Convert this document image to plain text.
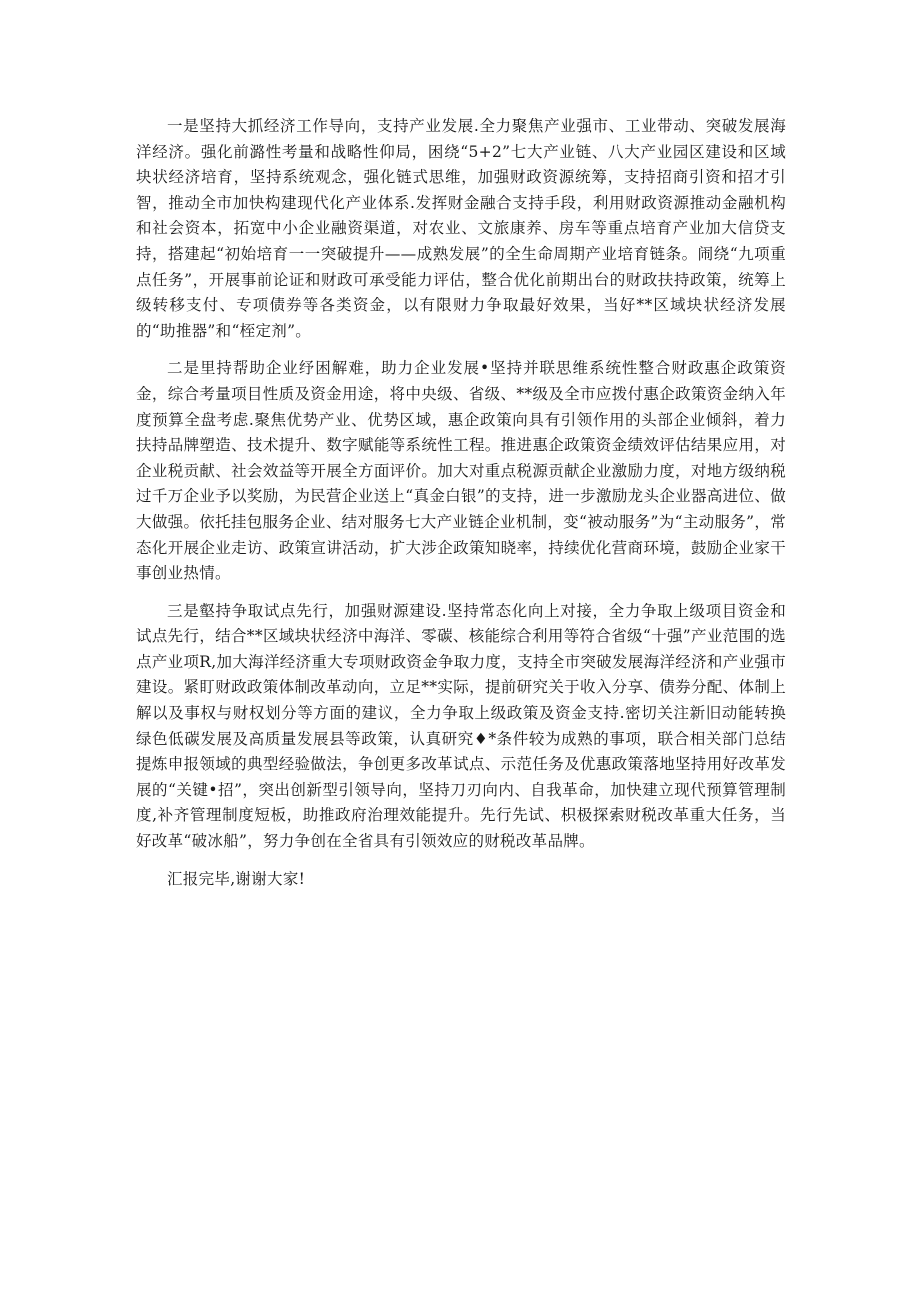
一是坚持大抓经济工作导向，支持产业发展.全力聚焦产业强市、工业带动、突破发展海洋经济。强化前潞性考量和战略性仰局，困绕“5+2”七大产业链、八大产业园区建设和区域块状经济培育，坚持系统观念，强化链式思维，加强财政资源统筹，支持招商引资和招才引智，推动全市加快构建现代化产业体系.发挥财金融合支持手段，利用财政资源推动金融机构和社会资本，拓宽中小企业融资渠道，对农业、文旅康养、房车等重点培育产业加大信贷支持，搭建起“初始培育一一突破提升——成熟发展”的全生命周期产业培育链条。闹绕“九项重点任务”，开展事前论证和财政可承受能力评估，整合优化前期出台的财政扶持政策，统筹上级转移支付、专项债券等各类资金，以有限财力争取最好效果，当好**区域块状经济发展的“助推器”和“桎定剂”。

二是里持帮助企业纾困解难，助力企业发展•坚持并联思维系统性整合财政惠企政策资金，综合考量项目性质及资金用途，将中央级、省级、**级及全市应拨付惠企政策资金纳入年度预算全盘考虑.聚焦优势产业、优势区域，惠企政策向具有引领作用的头部企业倾斜，着力扶持品牌塑造、技术提升、数字赋能等系统性工程。推进惠企政策资金绩效评估结果应用，对企业税贡献、社会效益等开展全方面评价。加大对重点税源贡献企业激励力度，对地方级纳税过千万企业予以奖励，为民营企业送上“真金白银”的支持，进一步激励龙头企业器高进位、做大做强。依托挂包服务企业、结对服务七大产业链企业机制，变“被动服务”为“主动服务”，常态化开展企业走访、政策宣讲活动，扩大涉企政策知晓率，持续优化营商环境，鼓励企业家干事创业热情。

三是壑持争取试点先行，加强财源建设.坚持常态化向上对接，全力争取上级项目资金和试点先行，结合**区域块状经济中海洋、零碳、核能综合利用等符合省级“十强”产业范围的选点产业项R,加大海洋经济重大专项财政资金争取力度，支持全市突破发展海洋经济和产业强市建设。紧盯财政政策体制改革动向，立足**实际，提前研究关于收入分享、债券分配、体制上解以及事权与财权划分等方面的建议，全力争取上级政策及资金支持.密切关注新旧动能转换绿色低碳发展及高质量发展县等政策，认真研究♦*条件较为成熟的事项，联合相关部门总结提炼申报领域的典型经验做法，争创更多改革试点、示范任务及优惠政策落地坚持用好改革发展的“关键•招”，突出创新型引领导向，坚持刀刃向内、自我革命，加快建立现代预算管理制度,补齐管理制度短板，助推政府治理效能提升。先行先试、枳极探索财税改革重大任务，当好改革“破冰船”，努力争创在全省具有引领效应的财税改革品牌。

汇报完毕,谢谢大家!
